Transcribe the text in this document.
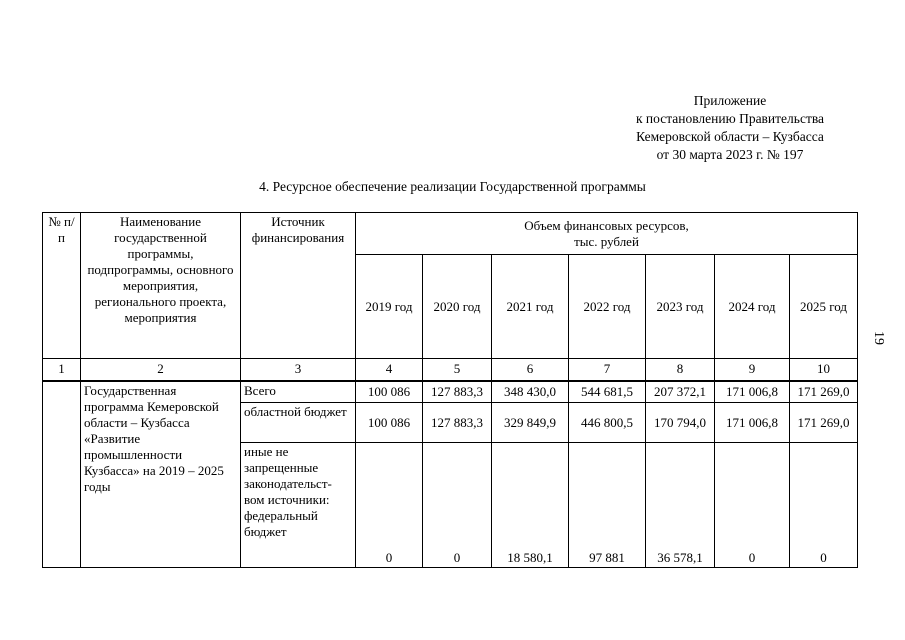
Приложение
к постановлению Правительства
Кемеровской области – Кузбасса
от 30 марта 2023 г. № 197
4. Ресурсное обеспечение реализации Государственной программы
19
№ п/п	Наименование государственной программы, подпрограммы, основного мероприятия, регионального проекта, мероприятия	Источник финансирования	Объем финансовых ресурсов,
тыс. рублей						

			2019 год	2020 год	2021 год	2022 год	2023 год	2024 год	2025 год
1	2	3	4	5	6	7	8	9	10
	Государственная программа Кемеровской области – Кузбасса «Развитие промышленности Кузбасса» на 2019 – 2025 годы	Всего	100 086	127 883,3	348 430,0	544 681,5	207 372,1	171 006,8	171 269,0
		областной бюджет	100 086	127 883,3	329 849,9	446 800,5	170 794,0	171 006,8	171 269,0
		иные не запрещенные законодательст-вом источники: федеральный бюджет	0	0	18 580,1	97 881	36 578,1	0	0
